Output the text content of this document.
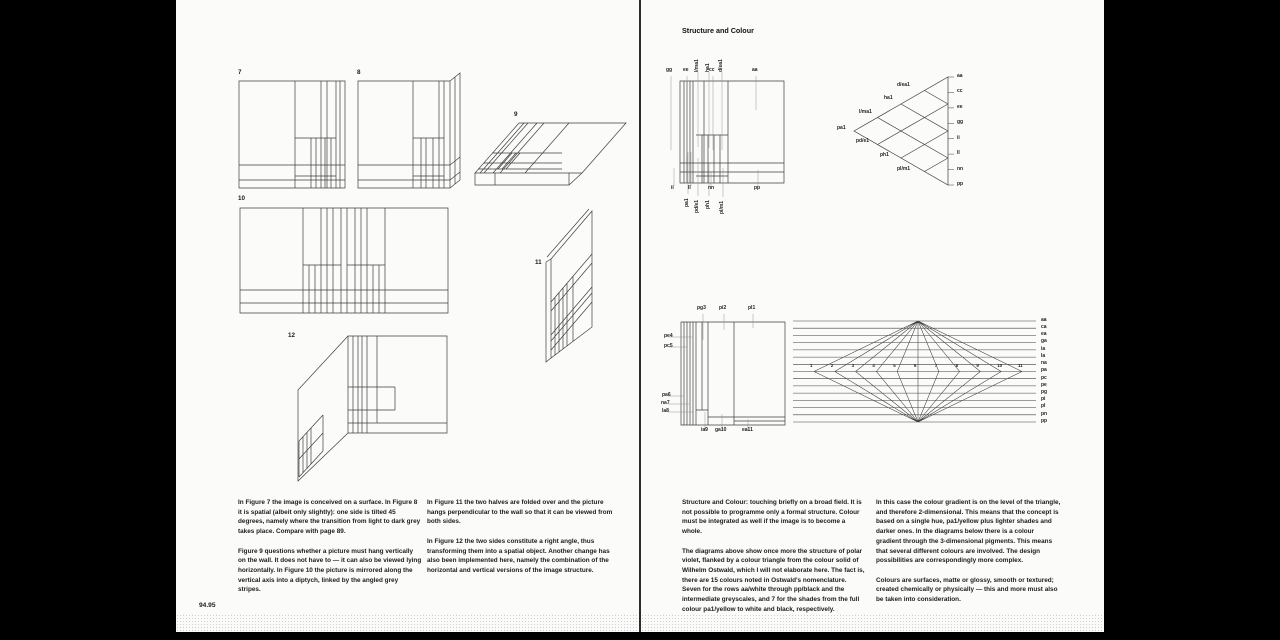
7	8
9
10
11
12
gg ee	cc	aa
l/ma1 ha1 d/ea1
ii	ll	nn	pp
pa1 pd/e1 ph1 pl/m1
d/ea1
ha1
l/ma1
pa1
pd/e1
ph1
pl/m1
aa
cc
ee
gg
ii
ll
nn
pp
pg3	pi2	pl1
pe4
pc5
pa6
na7
la8
ia9 ga10	ea11
aa
ca
ea
ga
ia
la
na
pa
pc
pe
pg
pi
pl
pn
pp
1	2	3	4	5	6	7	8	9	10	11
Structure and Colour

In Figure 7 the image is conceived on a surface. In Figure 8 it is spatial (albeit only slightly): one side is tilted 45 degrees, namely where the transition from light to dark grey takes place. Compare with page 89.

Figure 9 questions whether a picture must hang vertically on the wall. It does not have to — it can also be viewed lying horizontally. In Figure 10 the picture is mirrored along the vertical axis into a diptych, linked by the angled grey stripes.

In Figure 11 the two halves are folded over and the picture hangs perpendicular to the wall so that it can be viewed from both sides.

In Figure 12 the two sides constitute a right angle, thus transforming them into a spatial object. Another change has also been implemented here, namely the combination of the horizontal and vertical versions of the image structure.

Structure and Colour: touching briefly on a broad field. It is not possible to programme only a formal structure. Colour must be integrated as well if the image is to become a whole.

The diagrams above show once more the structure of polar violet, flanked by a colour triangle from the colour solid of Wilhelm Ostwald, which I will not elaborate here. The fact is, there are 15 colours noted in Ostwald's nomenclature. Seven for the rows aa/white through pp/black and the intermediate greyscales, and 7 for the shades from the full colour pa1/yellow to white and black, respectively.

In this case the colour gradient is on the level of the triangle, and therefore 2-dimensional. This means that the concept is based on a single hue, pa1/yellow plus lighter shades and darker ones. In the diagrams below there is a colour gradient through the 3-dimensional pigments. This means that several different colours are involved. The design possibilities are correspondingly more complex.

Colours are surfaces, matte or glossy, smooth or textured; created chemically or physically — this and more must also be taken into consideration.

94.95
